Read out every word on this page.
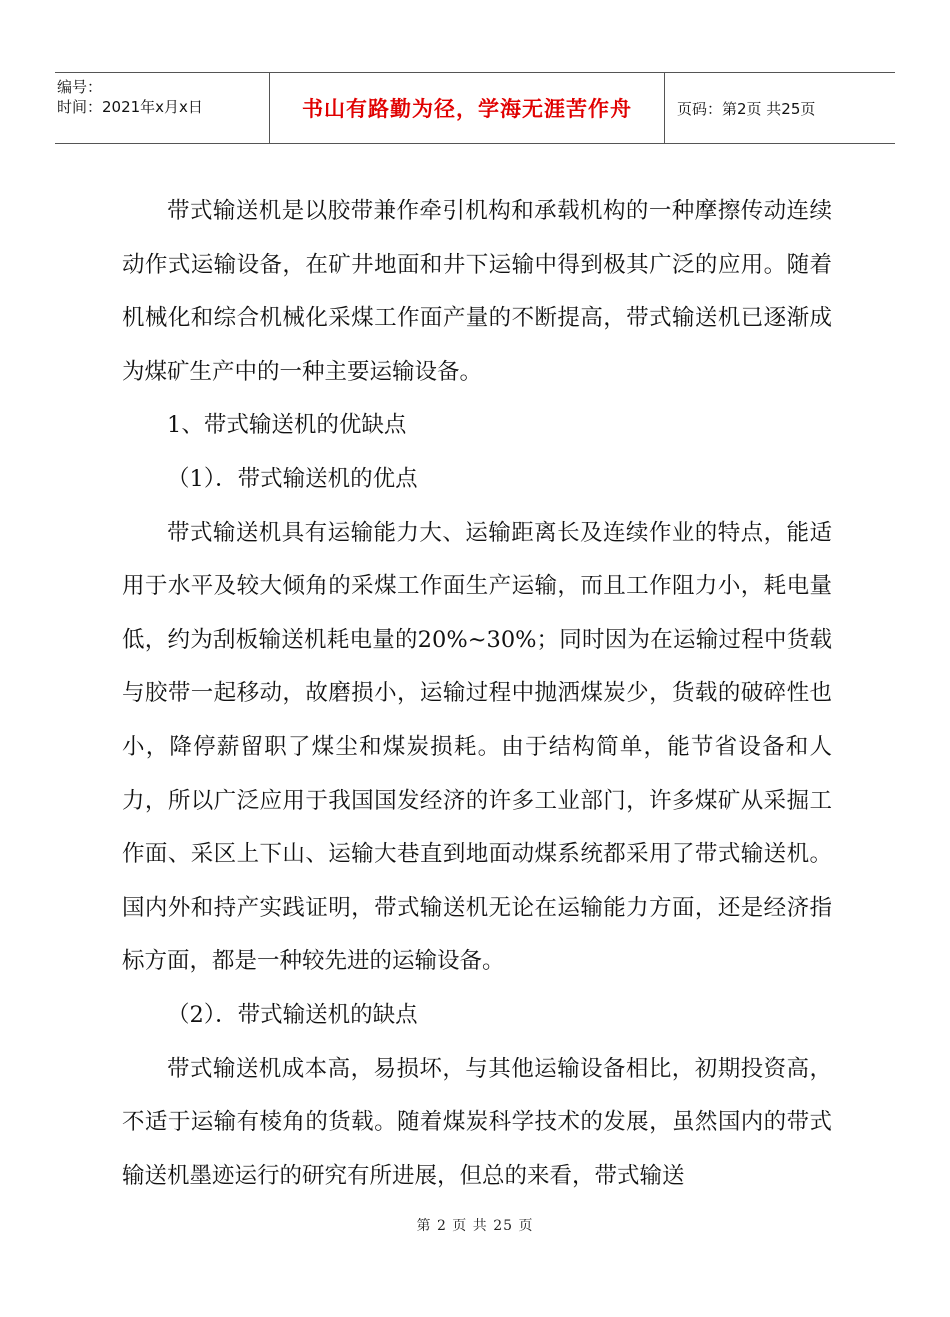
编号：
时间：2021年x月x日	书山有路勤为径，学海无涯苦作舟	页码：第2页 共25页

带式输送机是以胶带兼作牵引机构和承载机构的一种摩擦传动连续动作式运输设备，在矿井地面和井下运输中得到极其广泛的应用。随着机械化和综合机械化采煤工作面产量的不断提高，带式输送机已逐渐成为煤矿生产中的一种主要运输设备。

1、带式输送机的优缺点

（1）．带式输送机的优点

带式输送机具有运输能力大、运输距离长及连续作业的特点，能适用于水平及较大倾角的采煤工作面生产运输，而且工作阻力小，耗电量低，约为刮板输送机耗电量的20%~30%；同时因为在运输过程中货载与胶带一起移动，故磨损小，运输过程中抛洒煤炭少，货载的破碎性也小，降停薪留职了煤尘和煤炭损耗。由于结构简单，能节省设备和人力，所以广泛应用于我国国发经济的许多工业部门，许多煤矿从采掘工作面、采区上下山、运输大巷直到地面动煤系统都采用了带式输送机。国内外和持产实践证明，带式输送机无论在运输能力方面，还是经济指标方面，都是一种较先进的运输设备。

（2）．带式输送机的缺点

带式输送机成本高，易损坏，与其他运输设备相比，初期投资高，不适于运输有棱角的货载。随着煤炭科学技术的发展，虽然国内的带式输送机墨迹运行的研究有所进展，但总的来看，带式输送

第 2 页 共 25 页
